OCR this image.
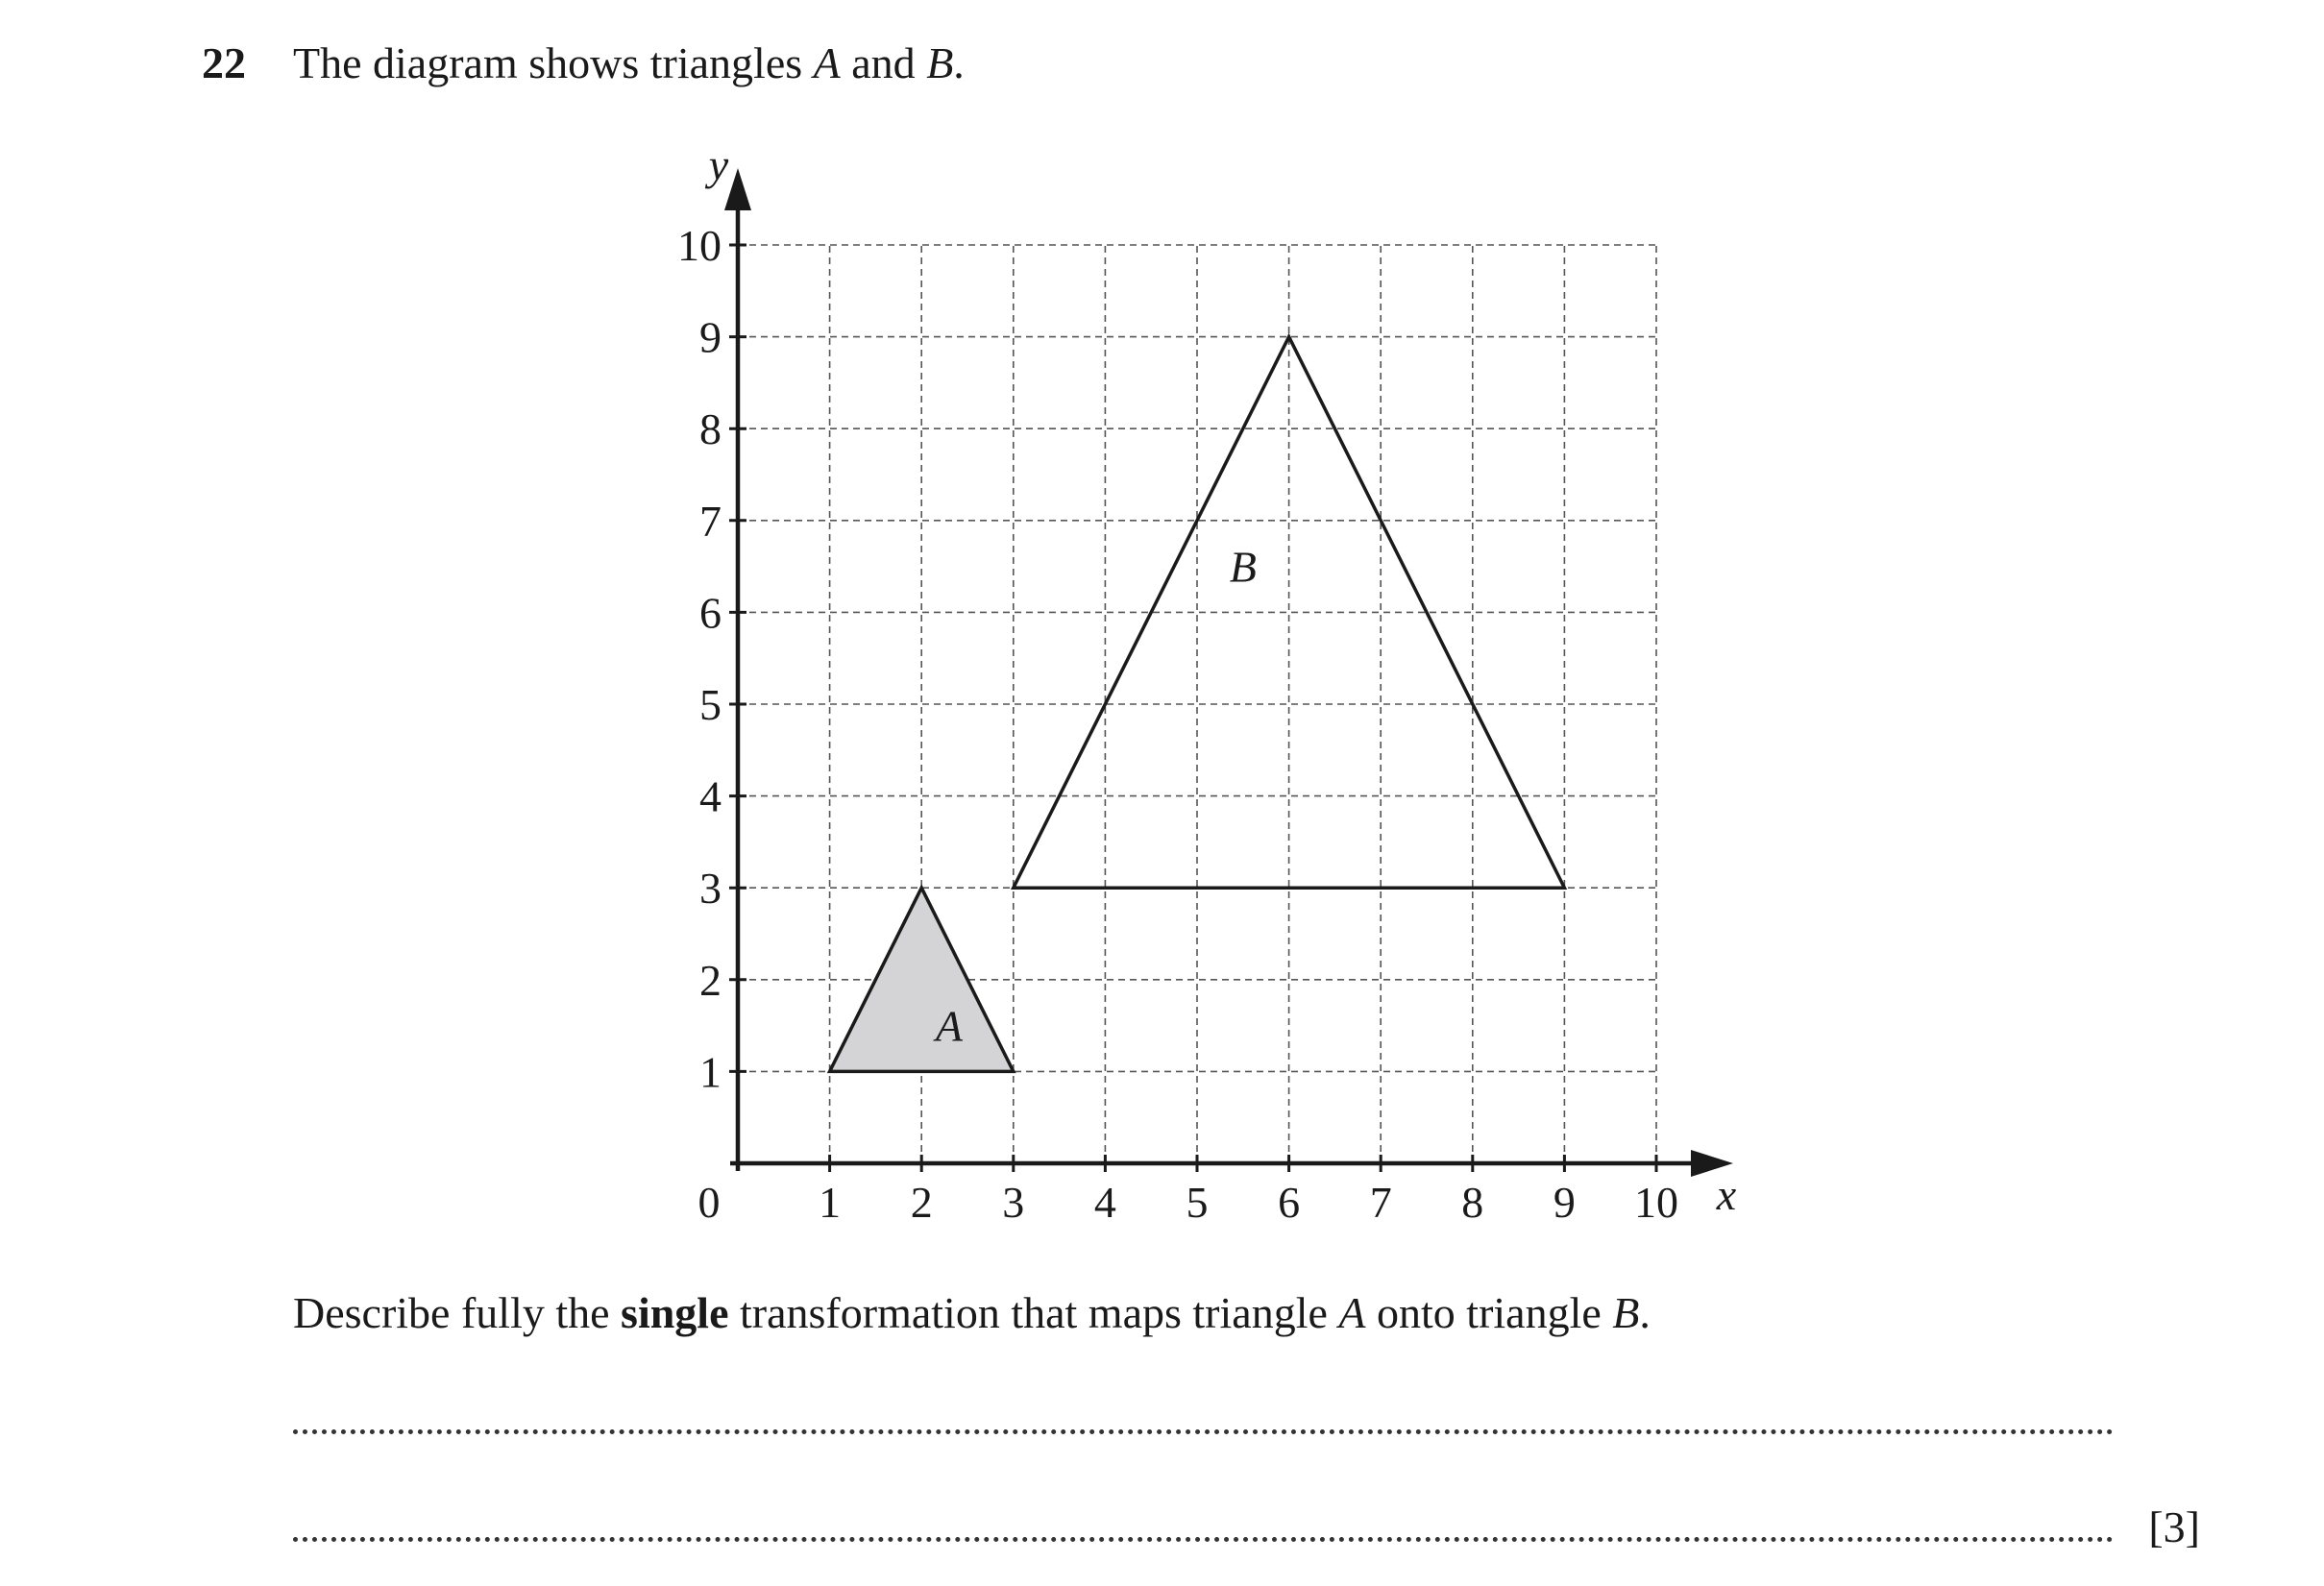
22 The diagram shows triangles A and B.
1 2 3 4 5 6 7 8 9 10
1
2
3
4
5
6
7
8
9
10
0	x
y
A
B
Describe fully the single transformation that maps triangle A onto triangle B.
[3]
